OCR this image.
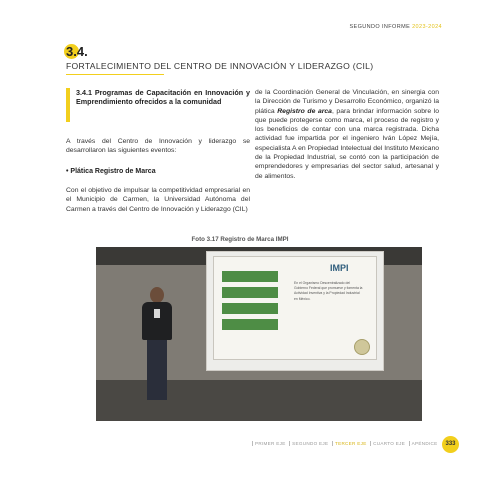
SEGUNDO INFORME 2023-2024
3.4.
FORTALECIMIENTO DEL CENTRO DE INNOVACIÓN Y LIDERAZGO (CIL)
3.4.1 Programas de Capacitación en Innovación y Emprendimiento ofrecidos a la comunidad
A través del Centro de Innovación y liderazgo se desarrollaron las siguientes eventos:
• Plática Registro de Marca
Con el objetivo de impulsar la competitividad empresarial en el Municipio de Carmen, la Universidad Autónoma del Carmen a través del Centro de Innovación y Liderazgo (CIL)
de la Coordinación General de Vinculación, en sinergia con la Dirección de Turismo y Desarrollo Económico, organizó la plática Registro de arca, para brindar información sobre lo que puede protegerse como marca, el proceso de registro y los beneficios de contar con una marca registrada. Dicha actividad fue impartida por el ingeniero Iván López Mejía, especialista A en Propiedad Intelectual del Instituto Mexicano de la Propiedad Industrial, se contó con la participación de emprendedores y empresarias del sector salud, artesanal y de alimentos.
Foto 3.17 Registro de Marca IMPI
IMPI
En el Organismo Descentralizado del Gobierno Federal que promueve y fomenta la Actividad Inventiva y la Propiedad Industrial en México.
PRIMER EJE SEGUNDO EJE TERCER EJE CUARTO EJE APÉNDICE	333
